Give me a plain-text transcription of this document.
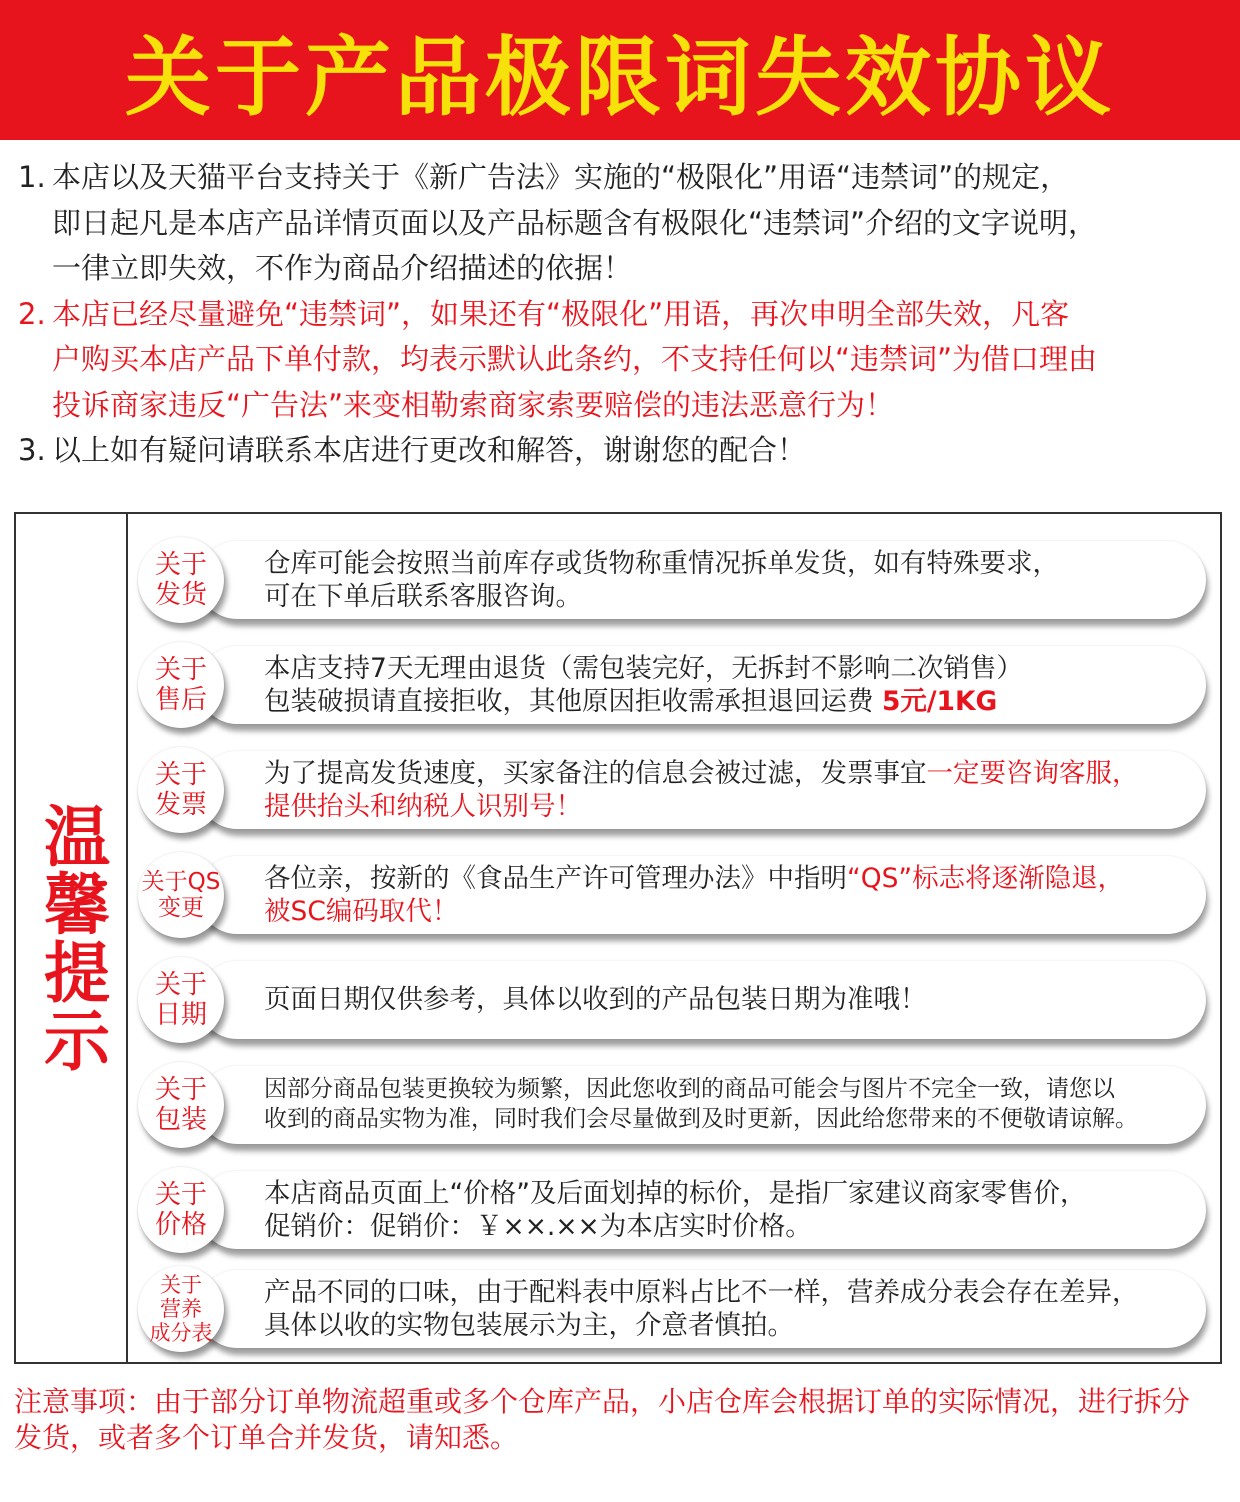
关于产品极限词失效协议
1. 本店以及天猫平台支持关于《新广告法》实施的“极限化”用语“违禁词”的规定，
即日起凡是本店产品详情页面以及产品标题含有极限化“违禁词”介绍的文字说明，
一律立即失效，不作为商品介绍描述的依据！
2. 本店已经尽量避免“违禁词”，如果还有“极限化”用语，再次申明全部失效，凡客
户购买本店产品下单付款，均表示默认此条约，不支持任何以“违禁词”为借口理由
投诉商家违反“广告法”来变相勒索商家索要赔偿的违法恶意行为！
3. 以上如有疑问请联系本店进行更改和解答，谢谢您的配合！
温馨提示
关于
发货
仓库可能会按照当前库存或货物称重情况拆单发货，如有特殊要求，
可在下单后联系客服咨询。
关于
售后
本店支持7天无理由退货（需包装完好，无拆封不影响二次销售）
包装破损请直接拒收，其他原因拒收需承担退回运费 5元/1KG
关于
发票
为了提高发货速度，买家备注的信息会被过滤，发票事宜一定要咨询客服，
提供抬头和纳税人识别号！
关于QS
变更
各位亲，按新的《食品生产许可管理办法》中指明“QS”标志将逐渐隐退，
被SC编码取代！
关于
日期 页面日期仅供参考，具体以收到的产品包装日期为准哦！
关于
包装
因部分商品包装更换较为频繁，因此您收到的商品可能会与图片不完全一致，请您以
收到的商品实物为准，同时我们会尽量做到及时更新，因此给您带来的不便敬请谅解。
关于
价格
本店商品页面上“价格”及后面划掉的标价，是指厂家建议商家零售价，
促销价：促销价：￥××.××为本店实时价格。
关于
营养
成分表
产品不同的口味，由于配料表中原料占比不一样，营养成分表会存在差异，
具体以收的实物包装展示为主，介意者慎拍。
注意事项：由于部分订单物流超重或多个仓库产品，小店仓库会根据订单的实际情况，进行拆分
发货，或者多个订单合并发货，请知悉。
